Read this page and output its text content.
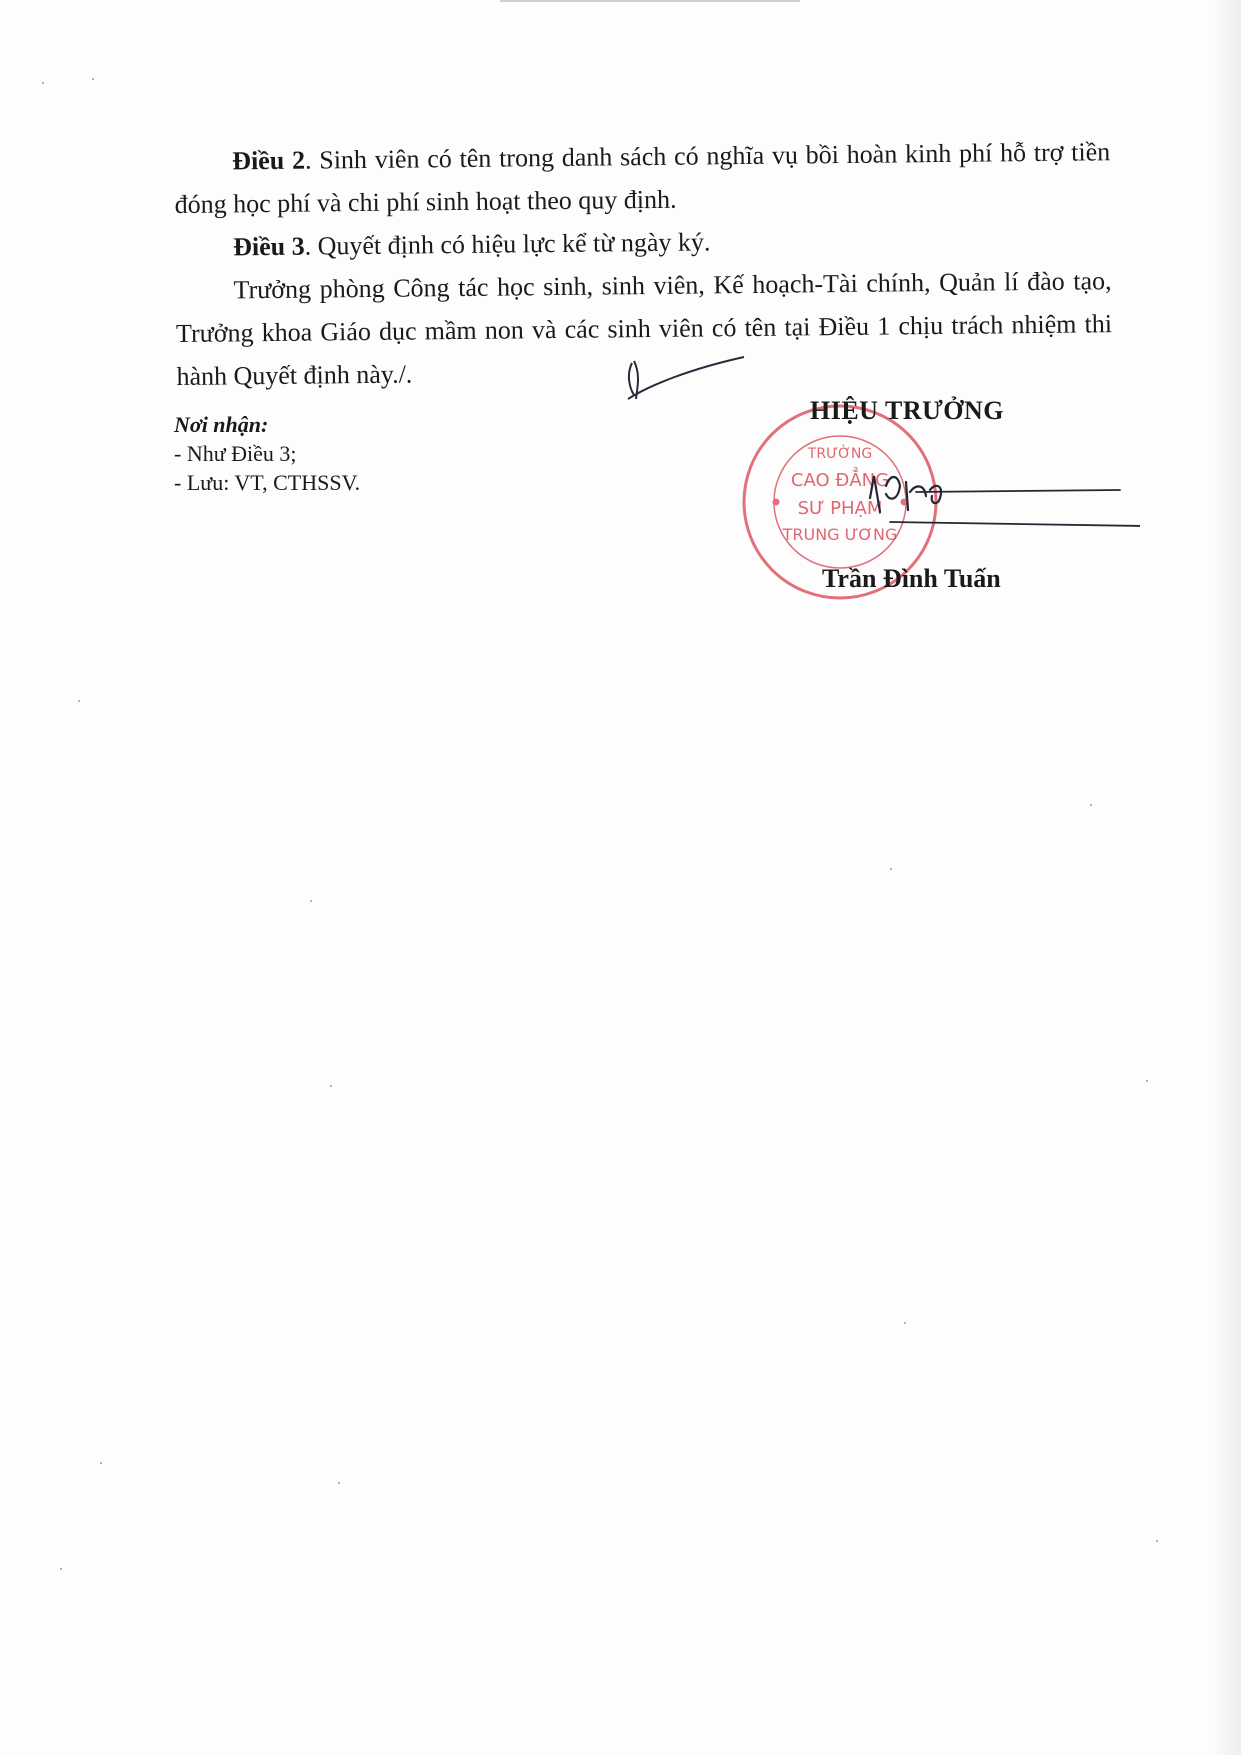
Điều 2. Sinh viên có tên trong danh sách có nghĩa vụ bồi hoàn kinh phí hỗ trợ tiền đóng học phí và chi phí sinh hoạt theo quy định.

Điều 3. Quyết định có hiệu lực kể từ ngày ký.

Trưởng phòng Công tác học sinh, sinh viên, Kế hoạch-Tài chính, Quản lí đào tạo, Trưởng khoa Giáo dục mầm non và các sinh viên có tên tại Điều 1 chịu trách nhiệm thi hành Quyết định này./.

Nơi nhận:
- Như Điều 3;
- Lưu: VT, CTHSSV.
TRƯỜNG
CAO ĐẲNG
SƯ PHẠM
TRUNG ƯƠNG
HIỆU TRƯỞNG
Trần Đình Tuấn
